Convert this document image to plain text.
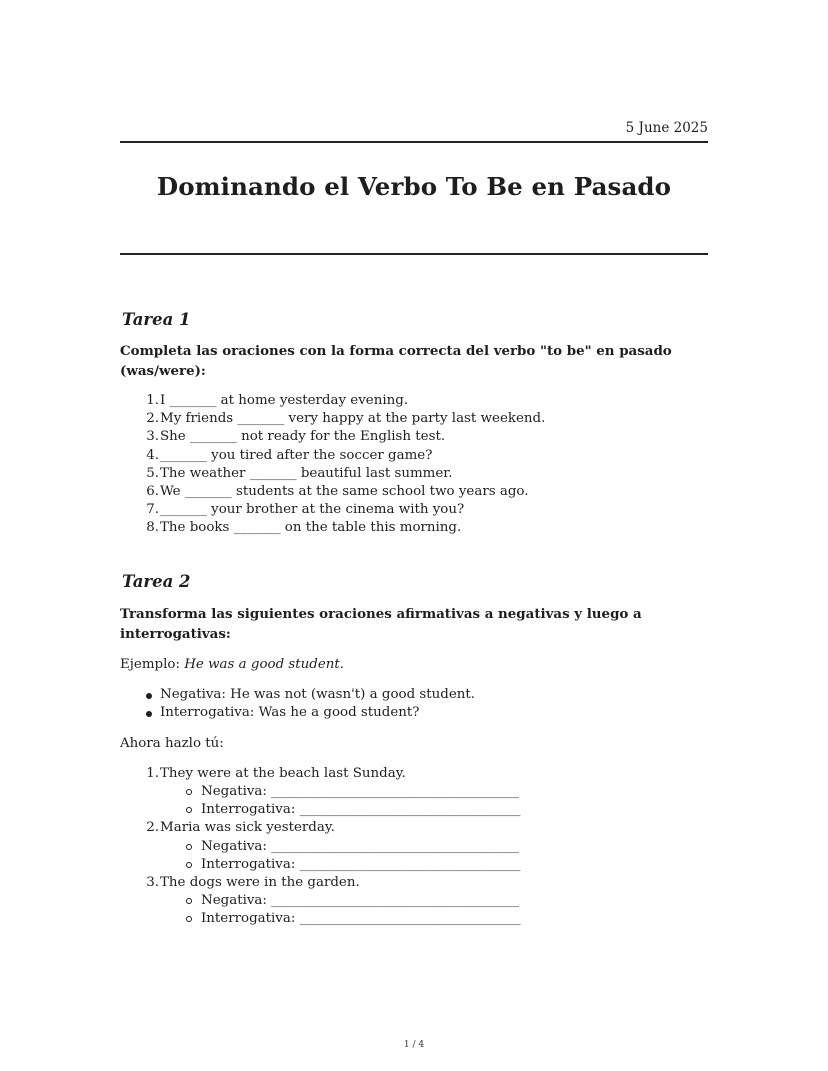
5 June 2025
Dominando el Verbo To Be en Pasado
Tarea 1

Completa las oraciones con la forma correcta del verbo "to be" en pasado (was/were):

1. I _______ at home yesterday evening.
2. My friends _______ very happy at the party last weekend.
3. She _______ not ready for the English test.
4. _______ you tired after the soccer game?
5. The weather _______ beautiful last summer.
6. We _______ students at the same school two years ago.
7. _______ your brother at the cinema with you?
8. The books _______ on the table this morning.
Tarea 2

Transforma las siguientes oraciones afirmativas a negativas y luego a interrogativas:

Ejemplo: He was a good student.

Negativa: He was not (wasn't) a good student.
Interrogativa: Was he a good student?

Ahora hazlo tú:

1. They were at the beach last Sunday.
Negativa: _____________________________________
Interrogativa: _________________________________
2. Maria was sick yesterday.
Negativa: _____________________________________
Interrogativa: _________________________________
3. The dogs were in the garden.
Negativa: _____________________________________
Interrogativa: _________________________________
1 / 4
